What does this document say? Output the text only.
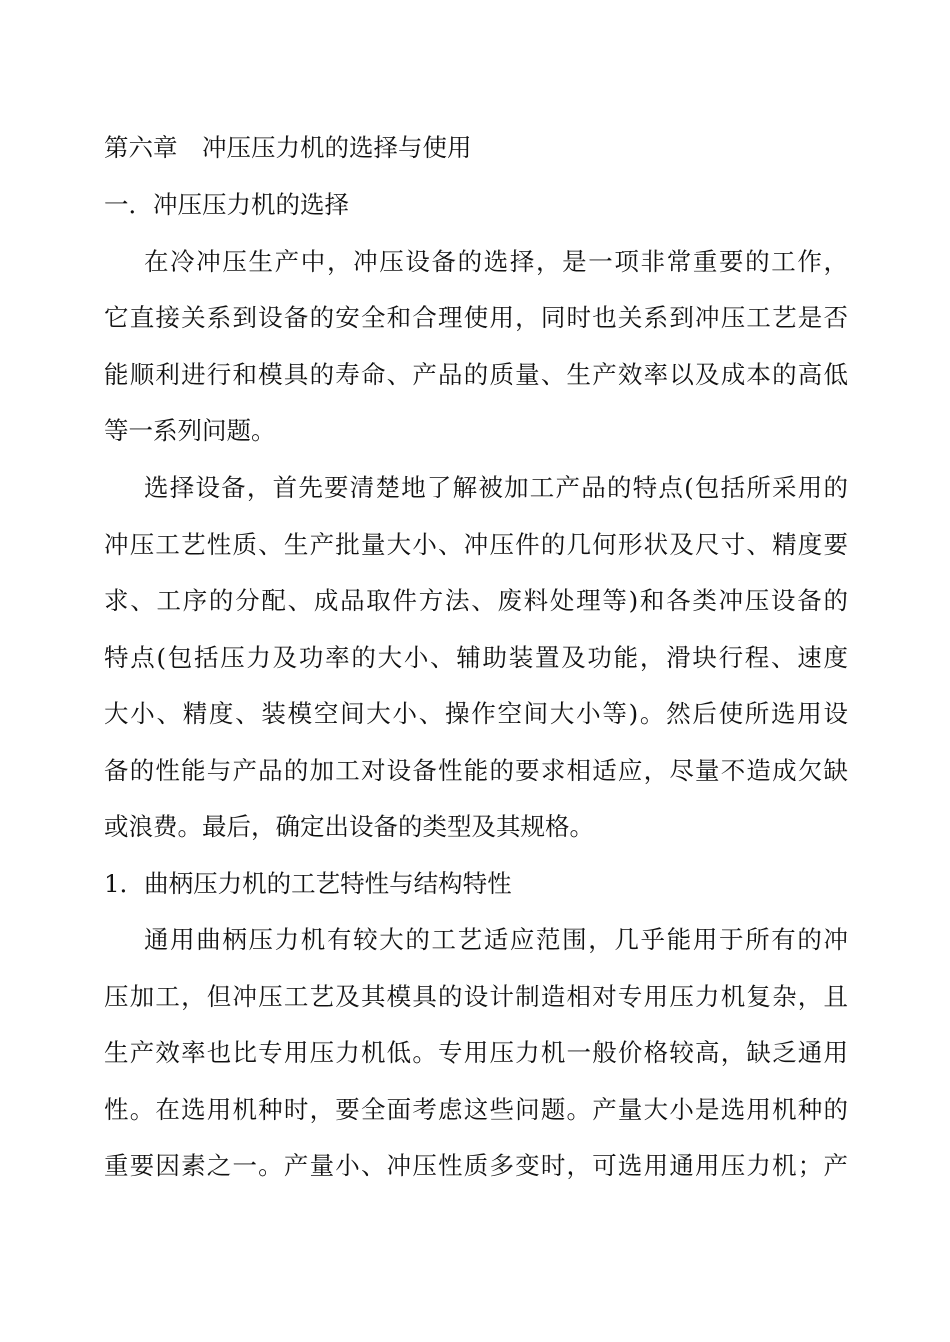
第六章　冲压压力机的选择与使用
一．冲压压力机的选择
在冷冲压生产中，冲压设备的选择，是一项非常重要的工作，
它直接关系到设备的安全和合理使用，同时也关系到冲压工艺是否
能顺利进行和模具的寿命、产品的质量、生产效率以及成本的高低
等一系列问题。
选择设备，首先要清楚地了解被加工产品的特点(包括所采用的
冲压工艺性质、生产批量大小、冲压件的几何形状及尺寸、精度要
求、工序的分配、成品取件方法、废料处理等)和各类冲压设备的
特点(包括压力及功率的大小、辅助装置及功能，滑块行程、速度
大小、精度、装模空间大小、操作空间大小等)。然后使所选用设
备的性能与产品的加工对设备性能的要求相适应，尽量不造成欠缺
或浪费。最后，确定出设备的类型及其规格。
1．曲柄压力机的工艺特性与结构特性
通用曲柄压力机有较大的工艺适应范围，几乎能用于所有的冲
压加工，但冲压工艺及其模具的设计制造相对专用压力机复杂，且
生产效率也比专用压力机低。专用压力机一般价格较高，缺乏通用
性。在选用机种时，要全面考虑这些问题。产量大小是选用机种的
重要因素之一。产量小、冲压性质多变时，可选用通用压力机；产
